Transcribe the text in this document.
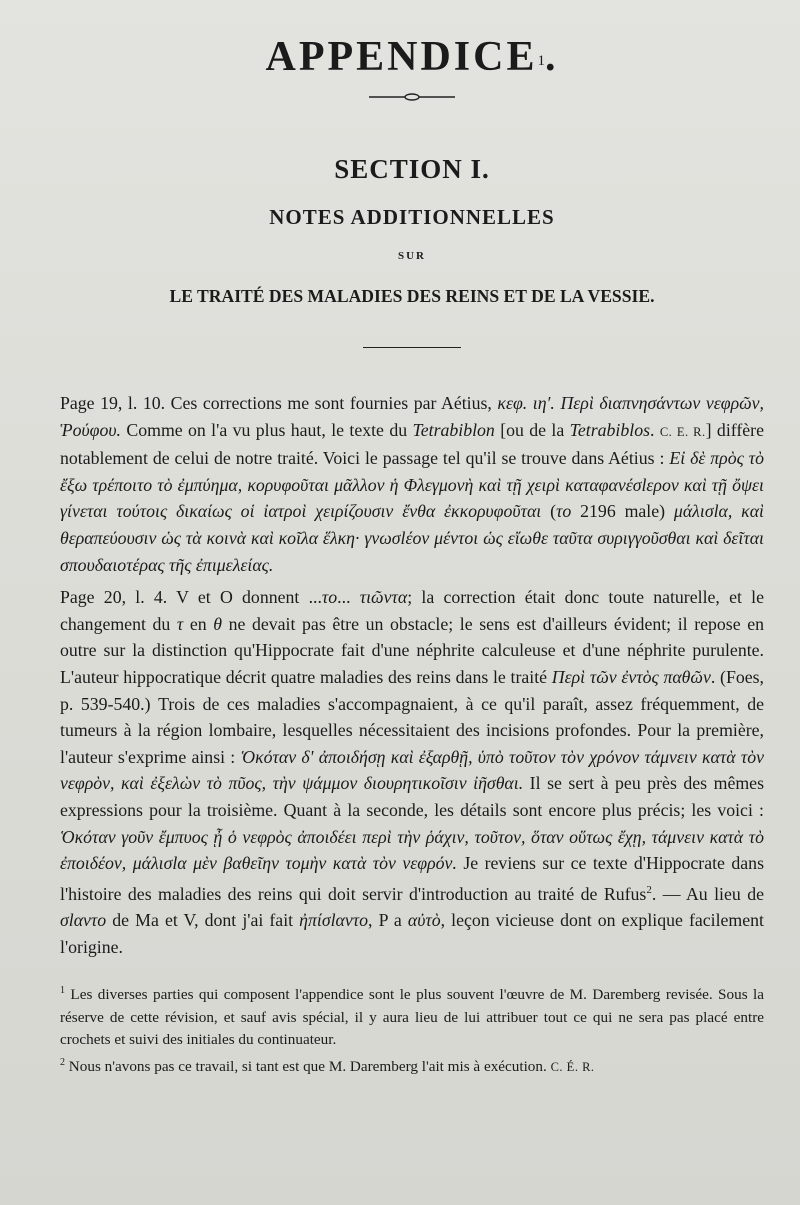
APPENDICE$^1$.
SECTION I.
NOTES ADDITIONNELLES
SUR
LE TRAITÉ DES MALADIES DES REINS ET DE LA VESSIE.

Page 19, l. 10. Ces corrections me sont fournies par Aétius, κεφ. ιη′. Περὶ διαπνησάντων νεφρῶν, Ῥούφου. Comme on l'a vu plus haut, le texte du Tetrabiblon [ou de la Tetrabiblos. C. E. R.] diffère notablement de celui de notre traité. Voici le passage tel qu'il se trouve dans Aétius : Εἰ δὲ πρὸς τὸ ἔξω τρέποιτο τὸ ἐμπύημα, κορυφοῦται μᾶλλον ἡ Φλεγμονὴ καὶ τῇ χειρὶ καταφανέσlερον καὶ τῇ ὄψει γίνεται τούτοις δικαίως οἱ ἰατροὶ χειρίζουσιν ἔνθα ἐκκορυφοῦται (το 2196 male) μάλισlα, καὶ θεραπεύουσιν ὡς τὰ κοινὰ καὶ κοῖλα ἕλκη· γνωσlέον μέντοι ὡς εἴωθε ταῦτα συριγγοῦσθαι καὶ δεῖται σπουδαιοτέρας τῆς ἐπιμελείας.

Page 20, l. 4. V et O donnent ...το... τιῶντα; la correction était donc toute naturelle, et le changement du τ en θ ne devait pas être un obstacle; le sens est d'ailleurs évident; il repose en outre sur la distinction qu'Hippocrate fait d'une néphrite calculeuse et d'une néphrite purulente. L'auteur hippocratique décrit quatre maladies des reins dans le traité Περὶ τῶν ἐντὸς παθῶν. (Foes, p. 539-540.) Trois de ces maladies s'accompagnaient, à ce qu'il paraît, assez fréquemment, de tumeurs à la région lombaire, lesquelles nécessitaient des incisions profondes. Pour la première, l'auteur s'exprime ainsi : Ὁκόταν δ' ἀποιδήσῃ καὶ ἐξαρθῇ, ὑπὸ τοῦτον τὸν χρόνον τάμνειν κατὰ τὸν νεφρὸν, καὶ ἐξελὼν τὸ πῦος, τὴν ψάμμον διουρητικοῖσιν ἰῆσθαι. Il se sert à peu près des mêmes expressions pour la troisième. Quant à la seconde, les détails sont encore plus précis; les voici : Ὁκόταν γοῦν ἔμπυος ᾖ ὁ νεφρὸς ἀποιδέει περὶ τὴν ῥάχιν, τοῦτον, ὅταν οὕτως ἔχῃ, τάμνειν κατὰ τὸ ἐποιδέον, μάλισlα μὲν βαθεῖην τομὴν κατὰ τὸν νεφρόν. Je reviens sur ce texte d'Hippocrate dans l'histoire des maladies des reins qui doit servir d'introduction au traité de Rufus$^2$. — Au lieu de σlαντο de Ma et V, dont j'ai fait ἠπίσlαντο, P a αὐτὸ, leçon vicieuse dont on explique facilement l'origine.

$^1$ Les diverses parties qui composent l'appendice sont le plus souvent l'œuvre de M. Daremberg revisée. Sous la réserve de cette révision, et sauf avis spécial, il y aura lieu de lui attribuer tout ce qui ne sera pas placé entre crochets et suivi des initiales du continuateur.

$^2$ Nous n'avons pas ce travail, si tant est que M. Daremberg l'ait mis à exécution. C. É. R.
